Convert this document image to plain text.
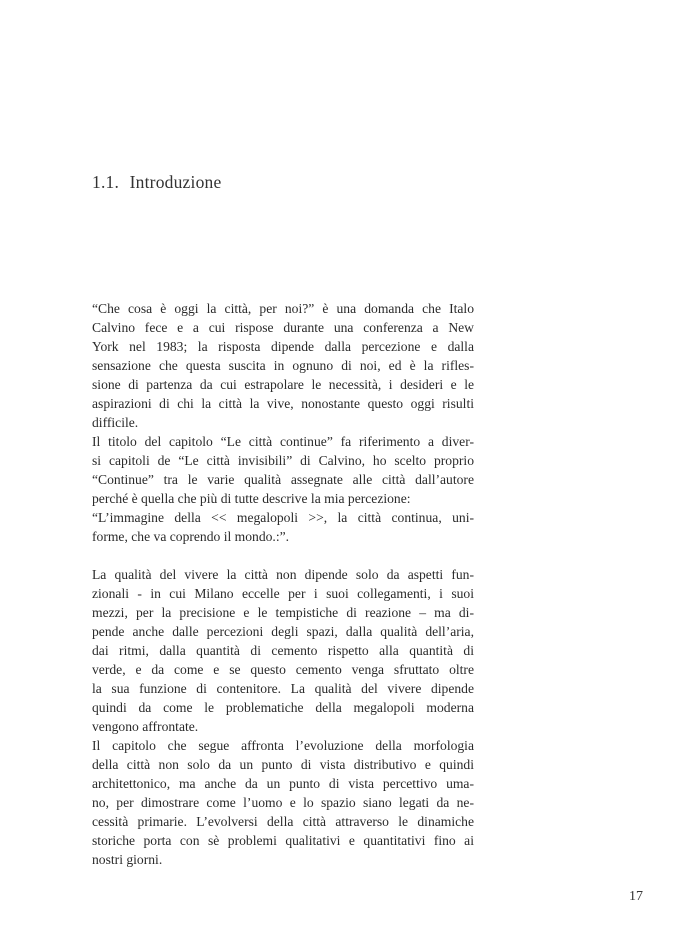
1.1. Introduzione

“Che cosa è oggi la città, per noi?” è una domanda che Italo
Calvino fece e a cui rispose durante una conferenza a New
York nel 1983; la risposta dipende dalla percezione e dalla
sensazione che questa suscita in ognuno di noi, ed è la rifles-
sione di partenza da cui estrapolare le necessità, i desideri e le
aspirazioni di chi la città la vive, nonostante questo oggi risulti
difficile.

Il titolo del capitolo “Le città continue” fa riferimento a diver-
si capitoli de “Le città invisibili” di Calvino, ho scelto proprio
“Continue” tra le varie qualità assegnate alle città dall’autore
perché è quella che più di tutte descrive la mia percezione:
“L’immagine della << megalopoli >>, la città continua, uni-
forme, che va coprendo il mondo.:”.

La qualità del vivere la città non dipende solo da aspetti fun-
zionali - in cui Milano eccelle per i suoi collegamenti, i suoi
mezzi, per la precisione e le tempistiche di reazione – ma di-
pende anche dalle percezioni degli spazi, dalla qualità dell’aria,
dai ritmi, dalla quantità di cemento rispetto alla quantità di
verde, e da come e se questo cemento venga sfruttato oltre
la sua funzione di contenitore. La qualità del vivere dipende
quindi da come le problematiche della megalopoli moderna
vengono affrontate.

Il capitolo che segue affronta l’evoluzione della morfologia
della città non solo da un punto di vista distributivo e quindi
architettonico, ma anche da un punto di vista percettivo uma-
no, per dimostrare come l’uomo e lo spazio siano legati da ne-
cessità primarie. L’evolversi della città attraverso le dinamiche
storiche porta con sè problemi qualitativi e quantitativi fino ai
nostri giorni.

17
